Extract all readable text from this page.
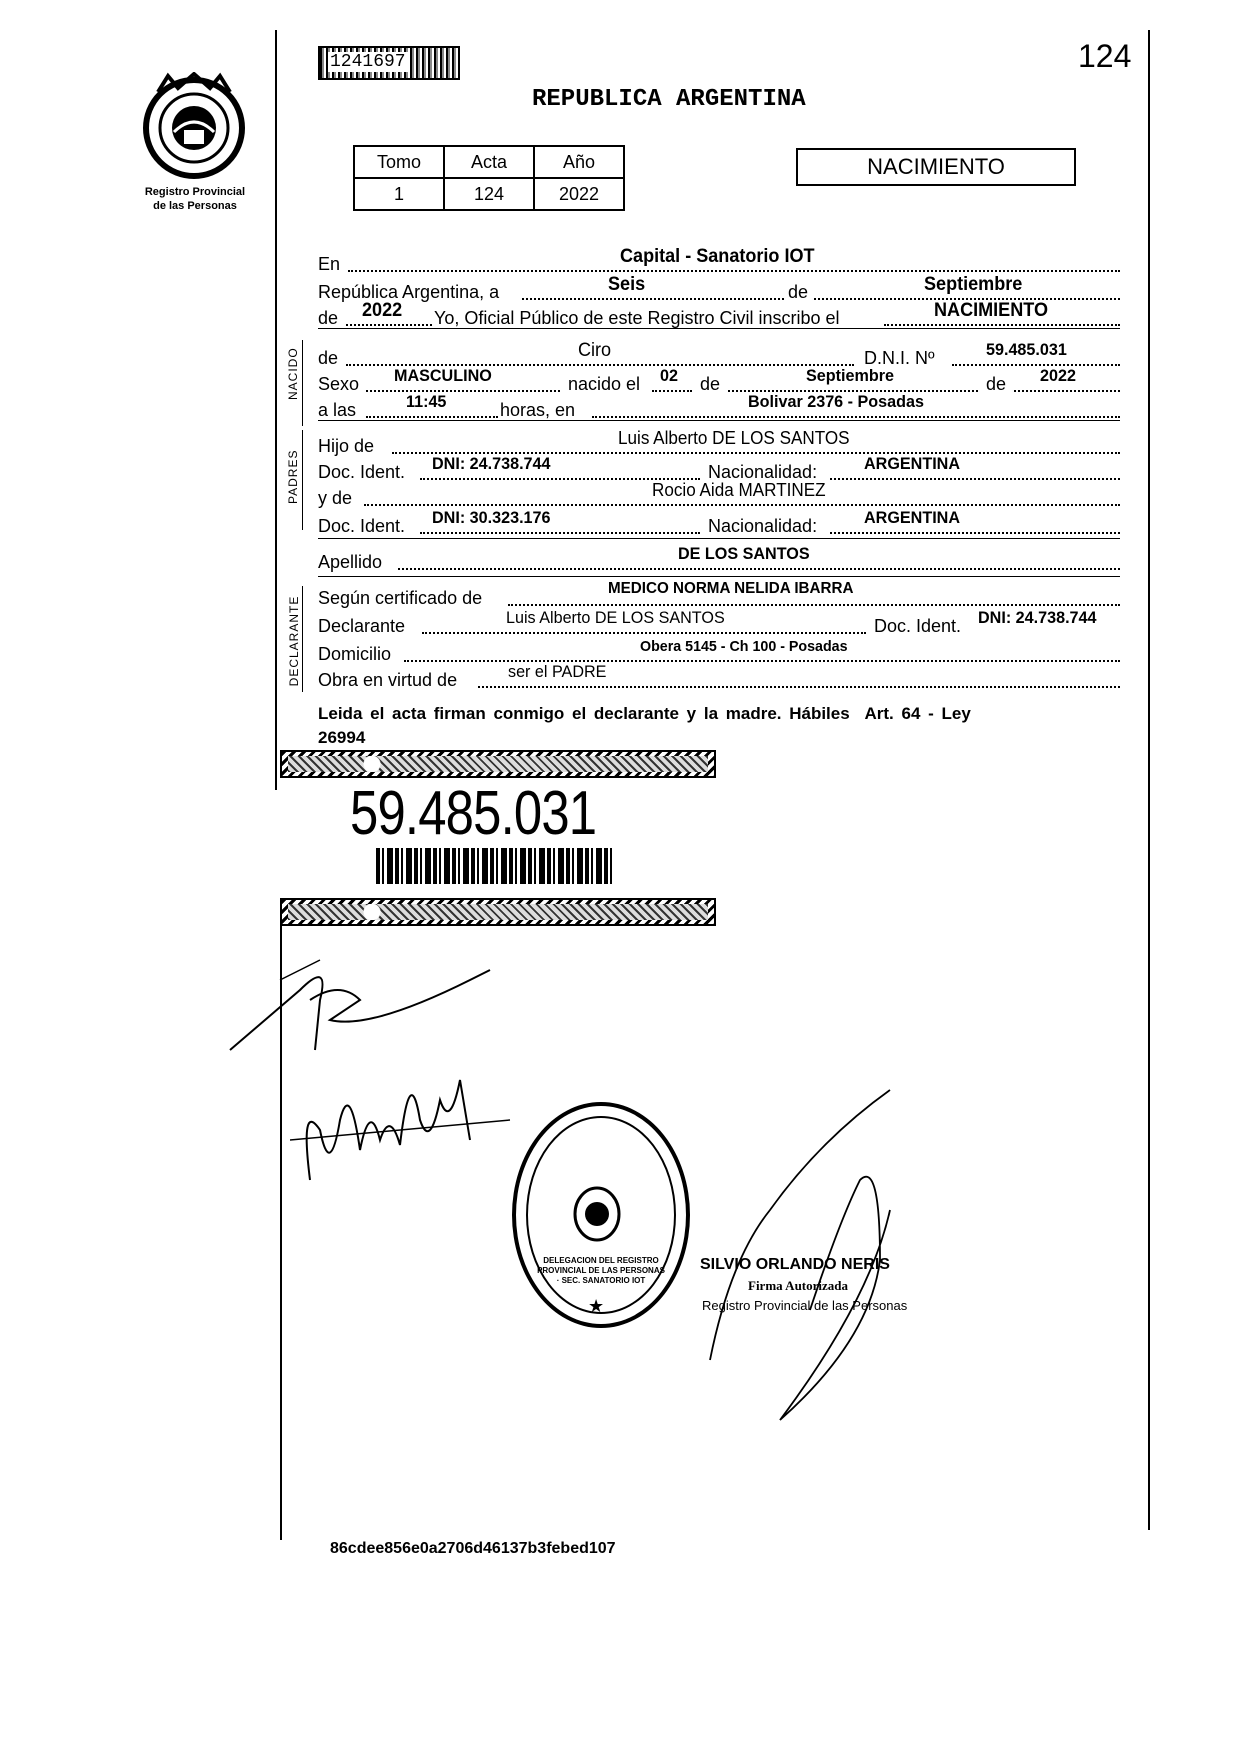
124
1241697
Registro Provincial
de las Personas
REPUBLICA ARGENTINA
Tomo	Acta	Año
1	124	2022
NACIMIENTO
En	Capital - Sanatorio IOT
República Argentina, a	Seis	de	Septiembre
de 2022 Yo, Oficial Público de este Registro Civil inscribo el	NACIMIENTO
NACIDO de	Ciro	D.N.I. Nº	59.485.031
Sexo MASCULINO	nacido el 02 de	Septiembre	de 2022
a las	11:45	horas, en	Bolivar 2376 - Posadas
PADRES
Hijo de	Luis Alberto DE LOS SANTOS
Doc. Ident. DNI: 24.738.744	Nacionalidad:	ARGENTINA
y de	Rocio Aida MARTINEZ
Doc. Ident. DNI: 30.323.176	Nacionalidad:	ARGENTINA
Apellido	DE LOS SANTOS
DECLARANTE Según certificado de	MEDICO NORMA NELIDA IBARRA
Declarante	Luis Alberto DE LOS SANTOS	Doc. Ident. DNI: 24.738.744
Domicilio	Obera 5145 - Ch 100 - Posadas
Obra en virtud de	ser el PADRE
Leida el acta firman conmigo el declarante y la madre. Hábiles  Art. 64 - Ley
26994
59.485.031
DELEGACION DEL REGISTRO PROVINCIAL DE LAS PERSONAS · SEC. SANATORIO IOT
★
SILVIO ORLANDO NERIS
Firma Autorizada
Registro Provincial de las Personas
86cdee856e0a2706d46137b3febed107
